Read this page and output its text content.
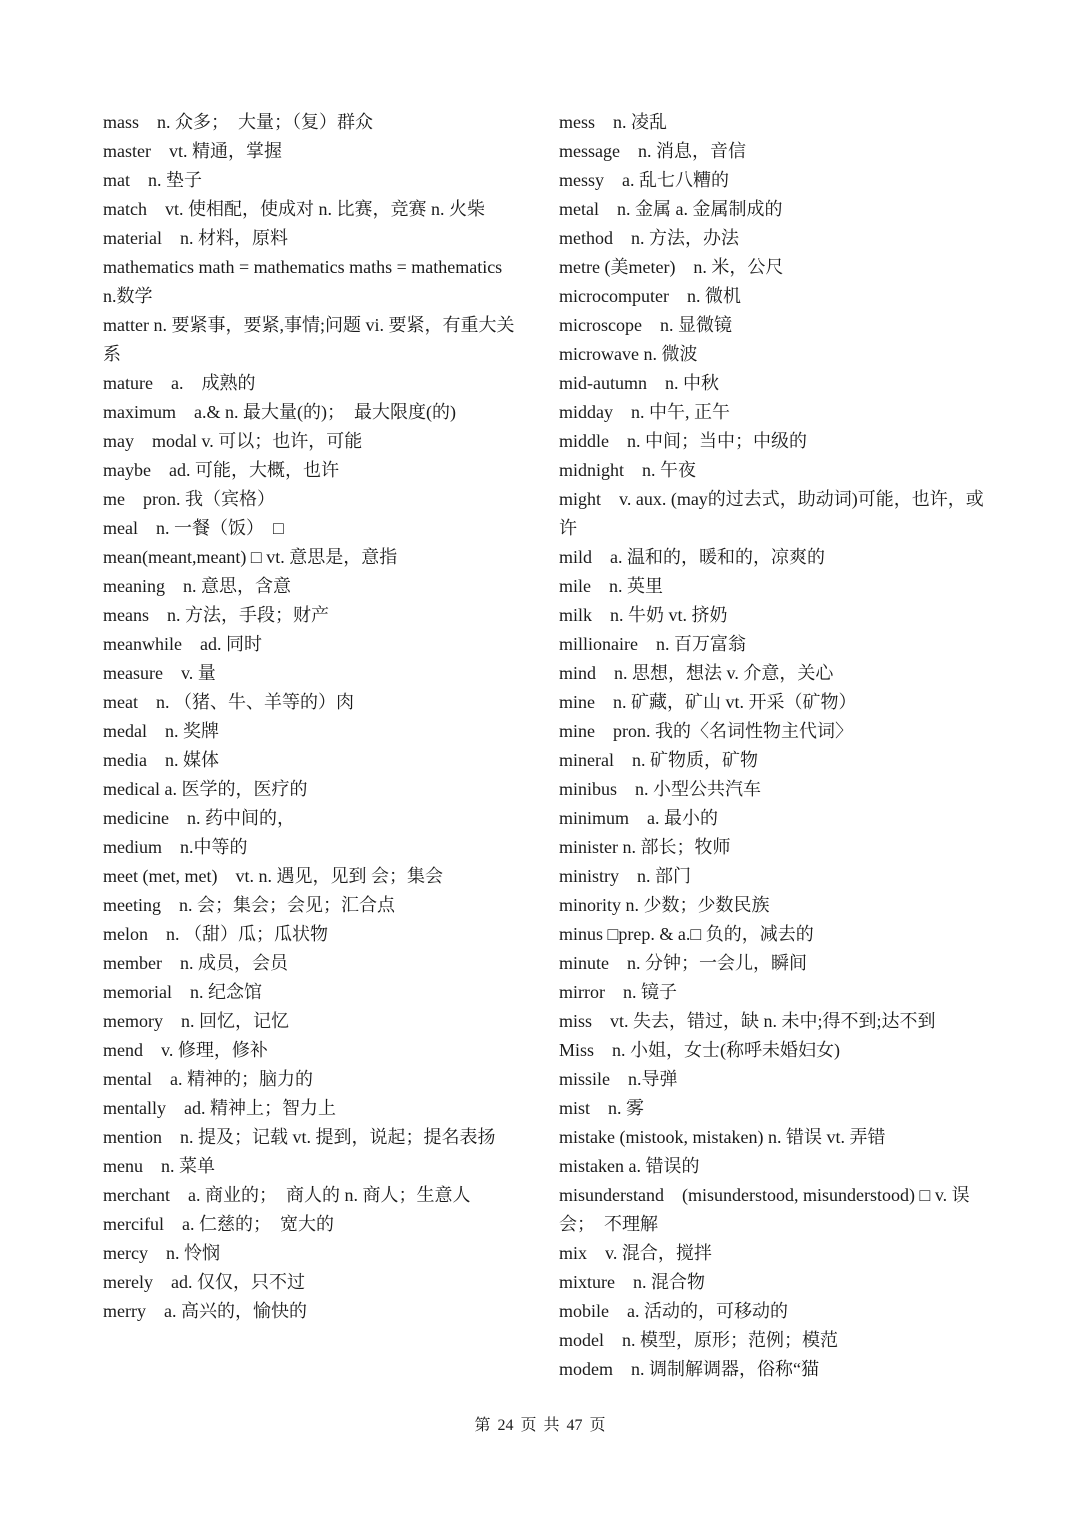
mass　n. 众多；　大量；（复）群众
master　vt. 精通，掌握
mat　n. 垫子
match　vt. 使相配，使成对 n. 比赛，竞赛 n. 火柴
material　n. 材料，原料
mathematics math = mathematics maths = mathematics　　n.数学
matter n. 要紧事，要紧,事情;问题 vi. 要紧，有重大关系
mature　a.　成熟的
maximum　a.& n. 最大量(的)；　最大限度(的)
may　modal v. 可以；也许，可能
maybe　ad. 可能，大概，也许
me　pron. 我（宾格）
meal　n. 一餐（饭）　□
mean(meant,meant) □ vt. 意思是，意指
meaning　n. 意思，含意
means　n. 方法，手段；财产
meanwhile　ad. 同时
measure　v. 量
meat　n. （猪、牛、羊等的）肉
medal　n. 奖牌
media　n. 媒体
medical a. 医学的，医疗的
medicine　n. 药中间的，
medium　n.中等的
meet (met, met)　vt. n. 遇见，见到 会；集会
meeting　n. 会；集会；会见；汇合点
melon　n. （甜）瓜；瓜状物
member　n. 成员，会员
memorial　n. 纪念馆
memory　n. 回忆，记忆
mend　v. 修理，修补
mental　a. 精神的；脑力的
mentally　ad. 精神上；智力上
mention　n. 提及；记载 vt. 提到，说起；提名表扬
menu　n. 菜单
merchant　a. 商业的；　商人的 n. 商人；生意人
merciful　a. 仁慈的；　宽大的
mercy　n. 怜悯
merely　ad. 仅仅，只不过
merry　a. 高兴的，愉快的
mess　n. 凌乱
message　n. 消息，音信
messy　a. 乱七八糟的
metal　n. 金属 a. 金属制成的
method　n. 方法，办法
metre (美meter)　n. 米，公尺
microcomputer　n. 微机
microscope　n. 显微镜
microwave n. 微波
mid-autumn　n. 中秋
midday　n. 中午, 正午
middle　n. 中间；当中；中级的
midnight　n. 午夜
might　v. aux. (may的过去式，助动词)可能，也许，或许
mild　a. 温和的，暖和的，凉爽的
mile　n. 英里
milk　n. 牛奶 vt. 挤奶
millionaire　n. 百万富翁
mind　n. 思想，想法 v. 介意，关心
mine　n. 矿藏，矿山 vt. 开采（矿物）
mine　pron. 我的〈名词性物主代词〉
mineral　n. 矿物质，矿物
minibus　n. 小型公共汽车
minimum　a. 最小的
minister n. 部长；牧师
ministry　n. 部门
minority n. 少数；少数民族
minus □prep. & a.□ 负的，减去的
minute　n. 分钟；一会儿，瞬间
mirror　n. 镜子
miss　vt. 失去，错过，缺 n. 未中;得不到;达不到
Miss　n. 小姐，女士(称呼未婚妇女)
missile　n.导弹
mist　n. 雾
mistake (mistook, mistaken) n. 错误 vt. 弄错
mistaken a. 错误的
misunderstand　(misunderstood, misunderstood) □ v. 误会；　不理解
mix　v. 混合，搅拌
mixture　n. 混合物
mobile　a. 活动的，可移动的
model　n. 模型，原形；范例；模范
modem　n. 调制解调器，俗称“猫
第 24 页 共 47 页
